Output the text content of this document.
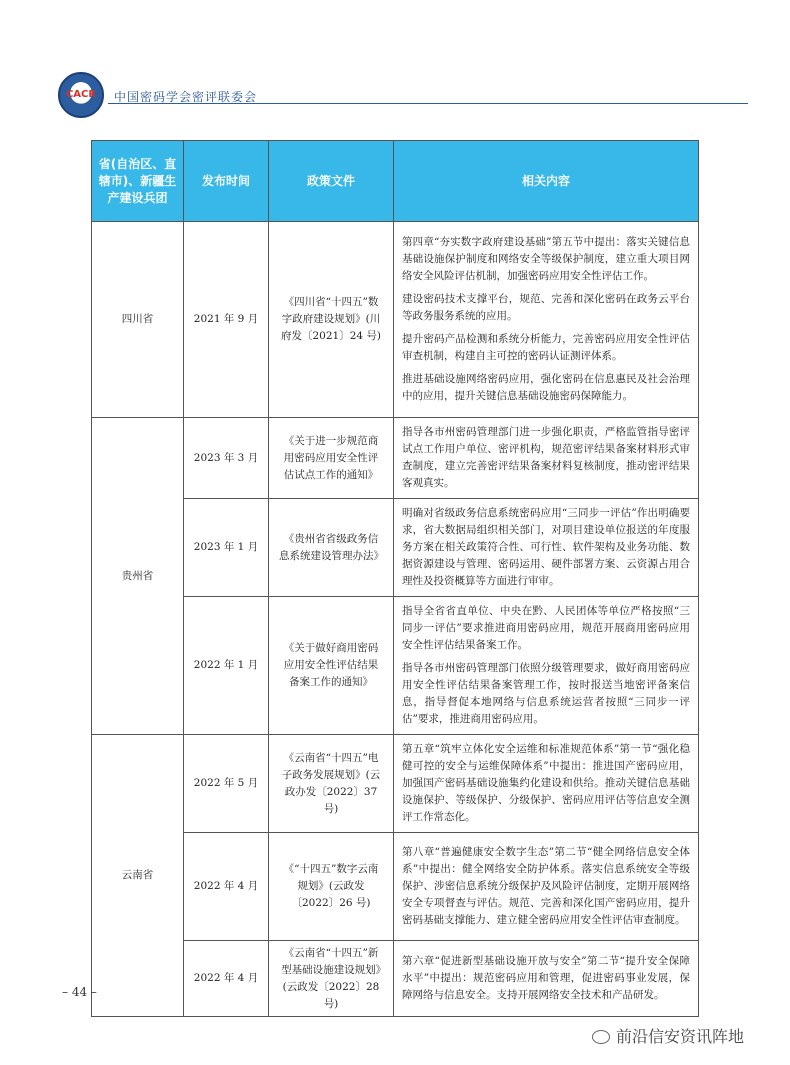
CACR	中国密码学会密评联委会
省(自治区、直辖市)、新疆生产建设兵团	发布时间	政策文件	相关内容
四川省	2021 年 9 月	《四川省“十四五”数字政府建设规划》(川府发〔2021〕24 号)	第四章“夯实数字政府建设基础”第五节中提出：落实关键信息基础设施保护制度和网络安全等级保护制度，建立重大项目网络安全风险评估机制，加强密码应用安全性评估工作。

建设密码技术支撑平台，规范、完善和深化密码在政务云平台等政务服务系统的应用。

提升密码产品检测和系统分析能力，完善密码应用安全性评估审查机制，构建自主可控的密码认证测评体系。

推进基础设施网络密码应用，强化密码在信息惠民及社会治理中的应用，提升关键信息基础设施密码保障能力。

贵州省	2023 年 3 月	《关于进一步规范商用密码应用安全性评估试点工作的通知》	指导各市州密码管理部门进一步强化职责，严格监管指导密评试点工作用户单位、密评机构，规范密评结果备案材料形式审查制度，建立完善密评结果备案材料复核制度，推动密评结果客观真实。

	2023 年 1 月	《贵州省省级政务信息系统建设管理办法》	明确对省级政务信息系统密码应用“三同步一评估”作出明确要求，省大数据局组织相关部门，对项目建设单位报送的年度服务方案在相关政策符合性、可行性、软件架构及业务功能、数据资源建设与管理、密码运用、硬件部署方案、云资源占用合理性及投资概算等方面进行审审。

	2022 年 1 月	《关于做好商用密码应用安全性评估结果备案工作的通知》	指导全省省直单位、中央在黔、人民团体等单位严格按照“三同步一评估”要求推进商用密码应用，规范开展商用密码应用安全性评估结果备案工作。

指导各市州密码管理部门依照分级管理要求，做好商用密码应用安全性评估结果备案管理工作，按时报送当地密评备案信息，指导督促本地网络与信息系统运营者按照“三同步一评估”要求，推进商用密码应用。

云南省	2022 年 5 月	《云南省“十四五”电子政务发展规划》(云政办发〔2022〕37 号)	第五章“筑牢立体化安全运维和标准规范体系”第一节“强化稳健可控的安全与运维保障体系”中提出：推进国产密码应用，加强国产密码基础设施集约化建设和供给。推动关键信息基础设施保护、等级保护、分级保护、密码应用评估等信息安全测评工作常态化。

	2022 年 4 月	《“十四五”数字云南规划》(云政发〔2022〕26 号)	第八章“普遍健康安全数字生态”第二节“健全网络信息安全体系”中提出：健全网络安全防护体系。落实信息系统安全等级保护、涉密信息系统分级保护及风险评估制度，定期开展网络安全专项督查与评估。规范、完善和深化国产密码应用，提升密码基础支撑能力、建立健全密码应用安全性评估审查制度。

	2022 年 4 月	《云南省“十四五”新型基础设施建设规划》(云政发〔2022〕28号)	第六章“促进新型基础设施开放与安全”第二节“提升安全保障水平”中提出：规范密码应用和管理，促进密码事业发展，保障网络与信息安全。支持开展网络安全技术和产品研发。

– 44 –
前沿信安资讯阵地
